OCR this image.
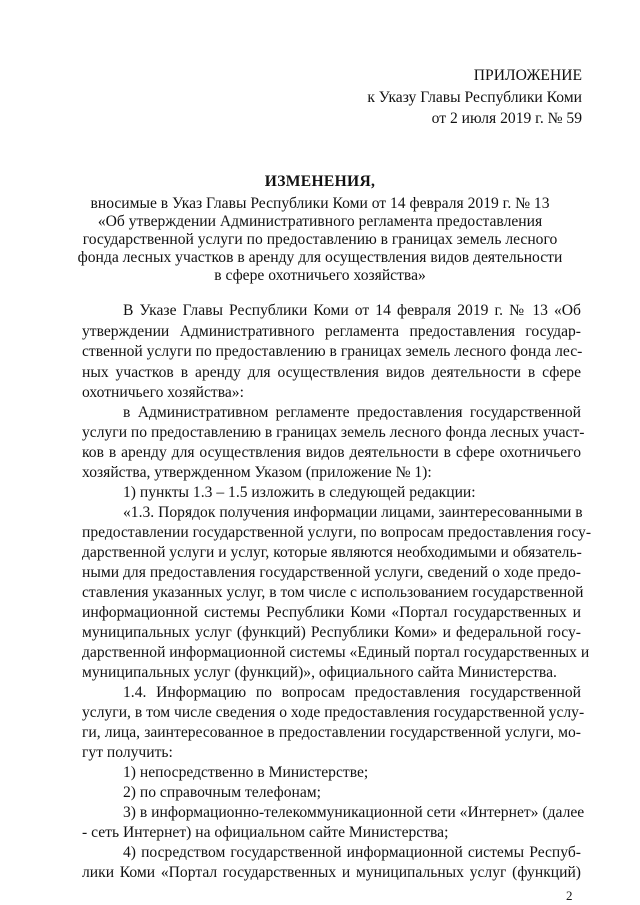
ПРИЛОЖЕНИЕ
к Указу Главы Республики Коми
от 2 июля 2019 г. № 59
ИЗМЕНЕНИЯ,
вносимые в Указ Главы Республики Коми от 14 февраля 2019 г. № 13
«Об утверждении Административного регламента предоставления
государственной услуги по предоставлению в границах земель лесного
фонда лесных участков в аренду для осуществления видов деятельности
в сфере охотничьего хозяйства»
В Указе Главы Республики Коми от 14 февраля 2019 г. № 13 «Об
утверждении Административного регламента предоставления государ-
ственной услуги по предоставлению в границах земель лесного фонда лес-
ных участков в аренду для осуществления видов деятельности в сфере
охотничьего хозяйства»:
в Административном регламенте предоставления государственной
услуги по предоставлению в границах земель лесного фонда лесных участ-
ков в аренду для осуществления видов деятельности в сфере охотничьего
хозяйства, утвержденном Указом (приложение № 1):
1) пункты 1.3 – 1.5 изложить в следующей редакции:
«1.3. Порядок получения информации лицами, заинтересованными в
предоставлении государственной услуги, по вопросам предоставления госу-
дарственной услуги и услуг, которые являются необходимыми и обязатель-
ными для предоставления государственной услуги, сведений о ходе предо-
ставления указанных услуг, в том числе с использованием государственной
информационной системы Республики Коми «Портал государственных и
муниципальных услуг (функций) Республики Коми» и федеральной госу-
дарственной информационной системы «Единый портал государственных и
муниципальных услуг (функций)», официального сайта Министерства.
1.4. Информацию по вопросам предоставления государственной
услуги, в том числе сведения о ходе предоставления государственной услу-
ги, лица, заинтересованное в предоставлении государственной услуги, мо-
гут получить:
1) непосредственно в Министерстве;
2) по справочным телефонам;
3) в информационно-телекоммуникационной сети «Интернет» (далее
- сеть Интернет) на официальном сайте Министерства;
4) посредством государственной информационной системы Респуб-
лики Коми «Портал государственных и муниципальных услуг (функций)
2
